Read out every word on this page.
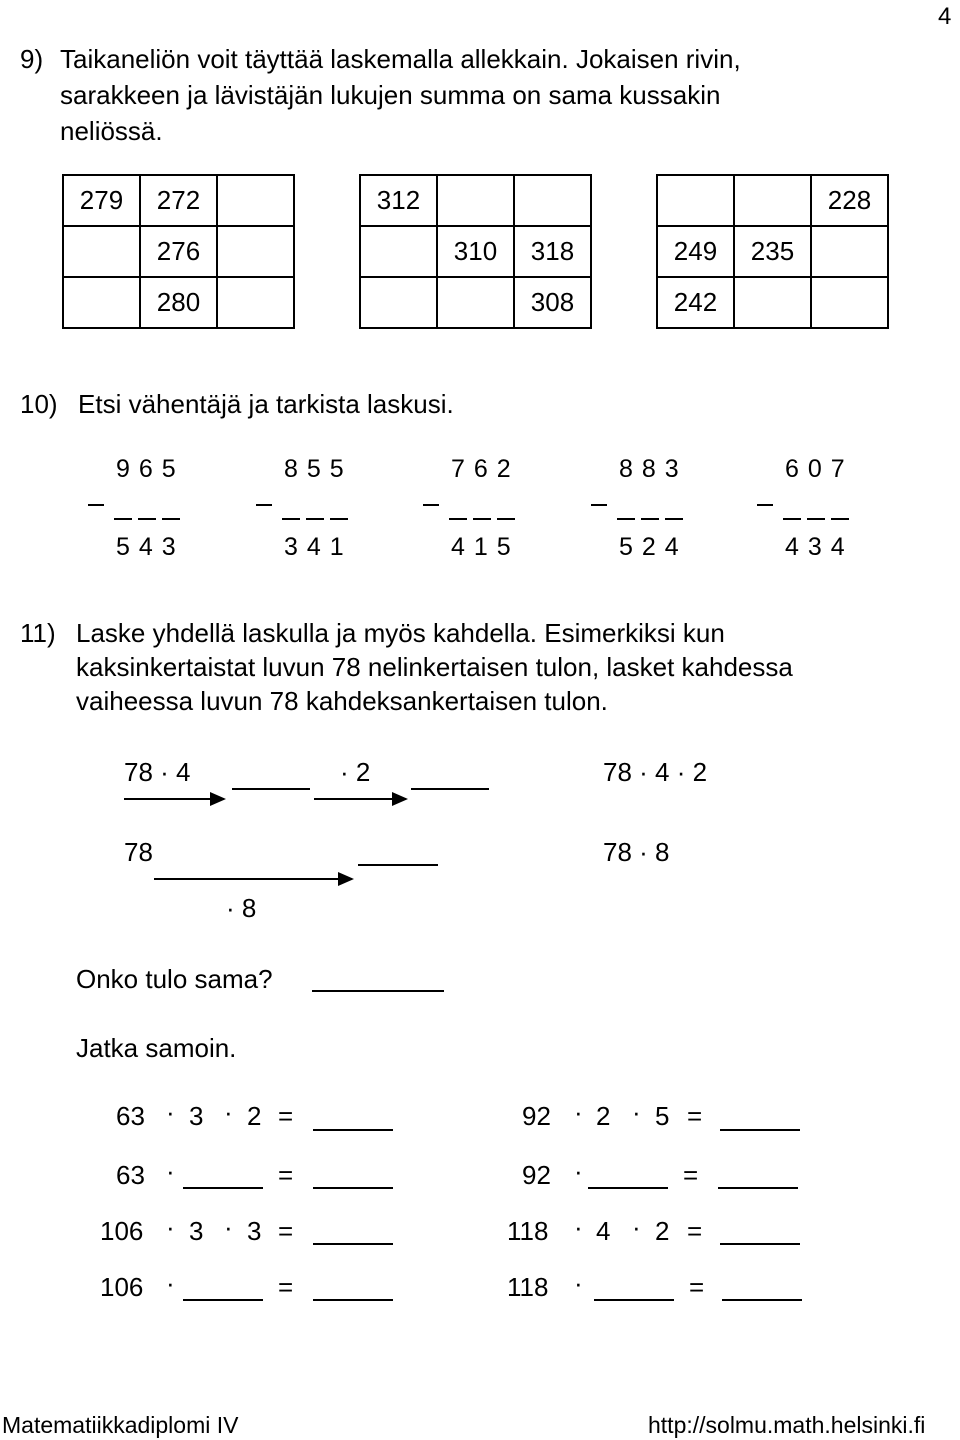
4
9) Taikaneliön voit täyttää laskemalla allekkain. Jokaisen rivin,
sarakkeen ja lävistäjän lukujen summa on sama kussakin
neliössä.
279	272	
	276	
	280	
312		
	310	318
		308
		228
249	235	
242		
10) Etsi vähentäjä ja tarkista laskusi.
9 6 5
5 4 3
8 5 5
3 4 1
7 6 2
4 1 5
8 8 3
5 2 4
6 0 7
4 3 4
11) Laske yhdellä laskulla ja myös kahdella. Esimerkiksi kun
kaksinkertaistat luvun 78 nelinkertaisen tulon, lasket kahdessa
vaiheessa luvun 78 kahdeksankertaisen tulon.
78 · 4	· 2	78 · 4 · 2
78
· 8
78 · 8
Onko tulo sama?
Jatka samoin.
63 · 3 · 2 =
63 ·	=
106 · 3 · 3 =
106 ·	=
92 · 2 · 5 =
92 ·	=
118 · 4 · 2 =
118 ·	=
Matematiikkadiplomi IV	http://solmu.math.helsinki.fi
